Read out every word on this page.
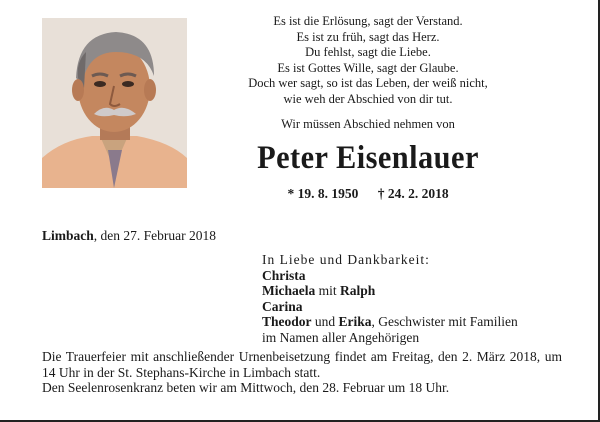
Es ist die Erlösung, sagt der Verstand.
Es ist zu früh, sagt das Herz.
Du fehlst, sagt die Liebe.
Es ist Gottes Wille, sagt der Glaube.
Doch wer sagt, so ist das Leben, der weiß nicht,
wie weh der Abschied von dir tut.
Wir müssen Abschied nehmen von
Peter Eisenlauer
* 19. 8. 1950 † 24. 2. 2018
Limbach, den 27. Februar 2018
In Liebe und Dankbarkeit:
Christa
Michaela mit Ralph
Carina
Theodor und Erika, Geschwister mit Familien
im Namen aller Angehörigen

Die Trauerfeier mit anschließender Urnenbeisetzung findet am Freitag, den 2. März 2018, um 14 Uhr in der St. Stephans-Kirche in Limbach statt.

Den Seelenrosenkranz beten wir am Mittwoch, den 28. Februar um 18 Uhr.
